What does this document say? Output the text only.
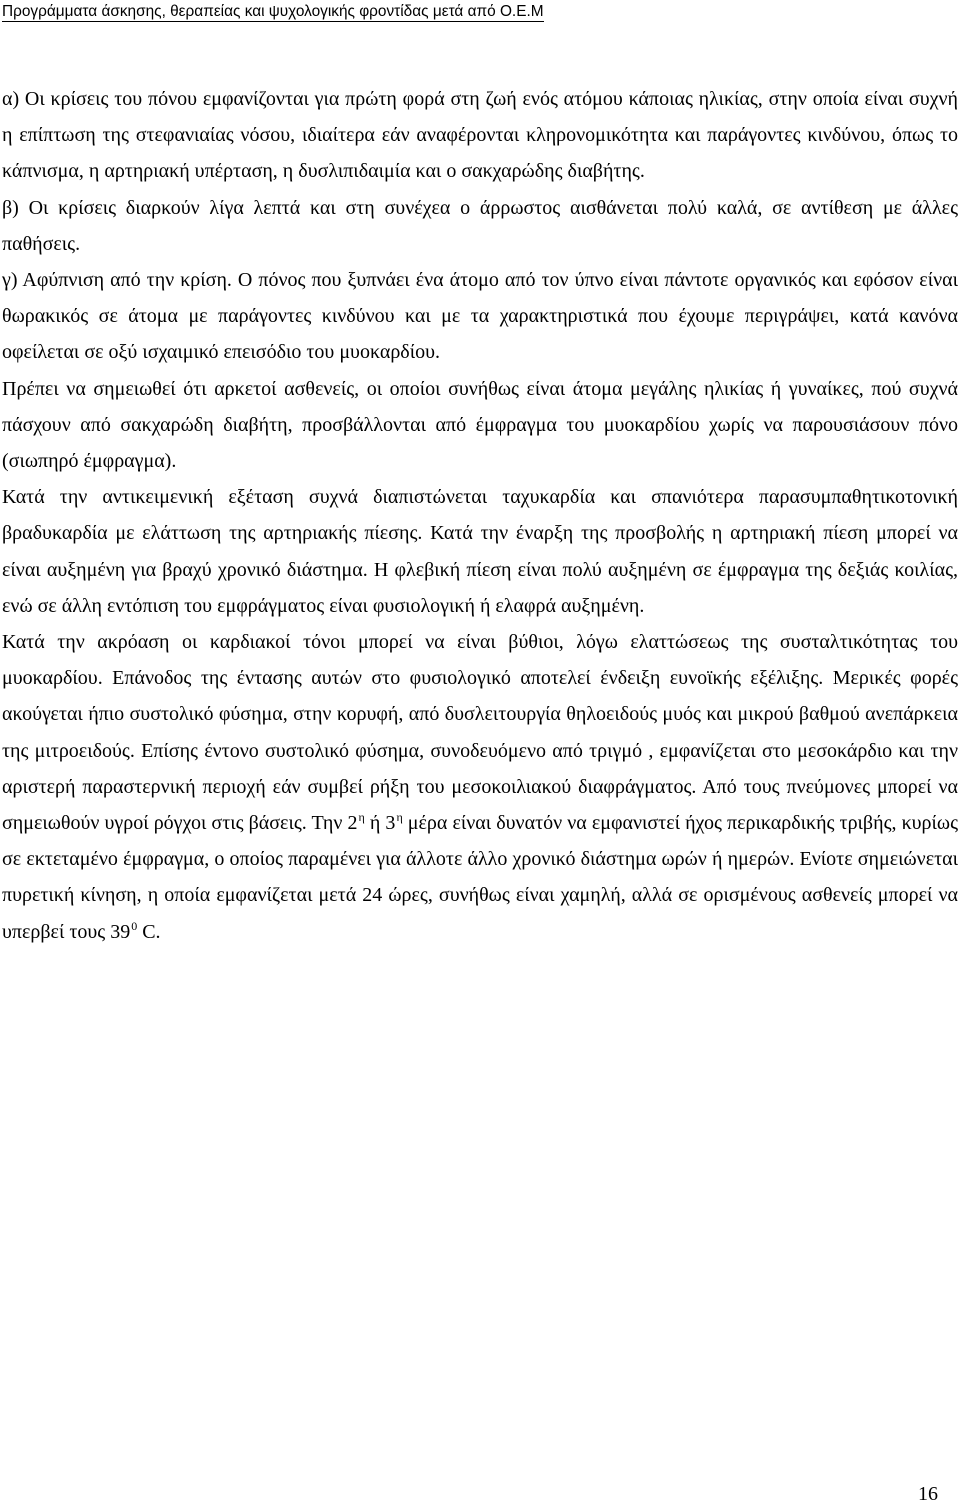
Προγράμματα άσκησης, θεραπείας και ψυχολογικής φροντίδας μετά από Ο.Ε.Μ

α) Οι κρίσεις του πόνου εμφανίζονται για πρώτη φορά στη ζωή ενός ατόμου κάποιας ηλικίας, στην οποία είναι συχνή η επίπτωση της στεφανιαίας νόσου, ιδιαίτερα εάν αναφέρονται κληρονομικότητα και παράγοντες κινδύνου, όπως το κάπνισμα, η αρτηριακή υπέρταση, η δυσλιπιδαιμία και ο σακχαρώδης διαβήτης.

β) Οι κρίσεις διαρκούν λίγα λεπτά και στη συνέχεα ο άρρωστος αισθάνεται πολύ καλά, σε αντίθεση με άλλες παθήσεις.

γ) Αφύπνιση από την κρίση. Ο πόνος που ξυπνάει ένα άτομο από τον ύπνο είναι πάντοτε οργανικός και εφόσον είναι θωρακικός σε άτομα με παράγοντες κινδύνου και με τα χαρακτηριστικά που έχουμε περιγράψει, κατά κανόνα οφείλεται σε οξύ ισχαιμικό επεισόδιο του μυοκαρδίου.

Πρέπει να σημειωθεί ότι αρκετοί ασθενείς, οι οποίοι συνήθως είναι άτομα μεγάλης ηλικίας ή γυναίκες, πού συχνά πάσχουν από σακχαρώδη διαβήτη, προσβάλλονται από έμφραγμα του μυοκαρδίου χωρίς να παρουσιάσουν πόνο (σιωπηρό έμφραγμα).

Κατά την αντικειμενική εξέταση συχνά διαπιστώνεται ταχυκαρδία και σπανιότερα παρασυμπαθητικοτονική βραδυκαρδία με ελάττωση της αρτηριακής πίεσης. Κατά την έναρξη της προσβολής η αρτηριακή πίεση μπορεί να είναι αυξημένη για βραχύ χρονικό διάστημα. Η φλεβική πίεση είναι πολύ αυξημένη σε έμφραγμα της δεξιάς κοιλίας, ενώ σε άλλη εντόπιση του εμφράγματος είναι φυσιολογική ή ελαφρά αυξημένη.

Κατά την ακρόαση οι καρδιακοί τόνοι μπορεί να είναι βύθιοι, λόγω ελαττώσεως της συσταλτικότητας του μυοκαρδίου. Επάνοδος της έντασης αυτών στο φυσιολογικό αποτελεί ένδειξη ευνοϊκής εξέλιξης. Μερικές φορές ακούγεται ήπιο συστολικό φύσημα, στην κορυφή, από δυσλειτουργία θηλοειδούς μυός και μικρού βαθμού ανεπάρκεια της μιτροειδούς. Επίσης έντονο συστολικό φύσημα, συνοδευόμενο από τριγμό , εμφανίζεται στο μεσοκάρδιο και την αριστερή παραστερνική περιοχή εάν συμβεί ρήξη του μεσοκοιλιακού διαφράγματος. Από τους πνεύμονες μπορεί να σημειωθούν υγροί ρόγχοι στις βάσεις. Την $2^\eta$ ή $3^\eta$ μέρα είναι δυνατόν να εμφανιστεί ήχος περικαρδικής τριβής, κυρίως σε εκτεταμένο έμφραγμα, ο οποίος παραμένει για άλλοτε άλλο χρονικό διάστημα ωρών ή ημερών. Ενίοτε σημειώνεται πυρετική κίνηση, η οποία εμφανίζεται μετά 24 ώρες, συνήθως είναι χαμηλή, αλλά σε ορισμένους ασθενείς μπορεί να υπερβεί τους $39^0$ C.

16
